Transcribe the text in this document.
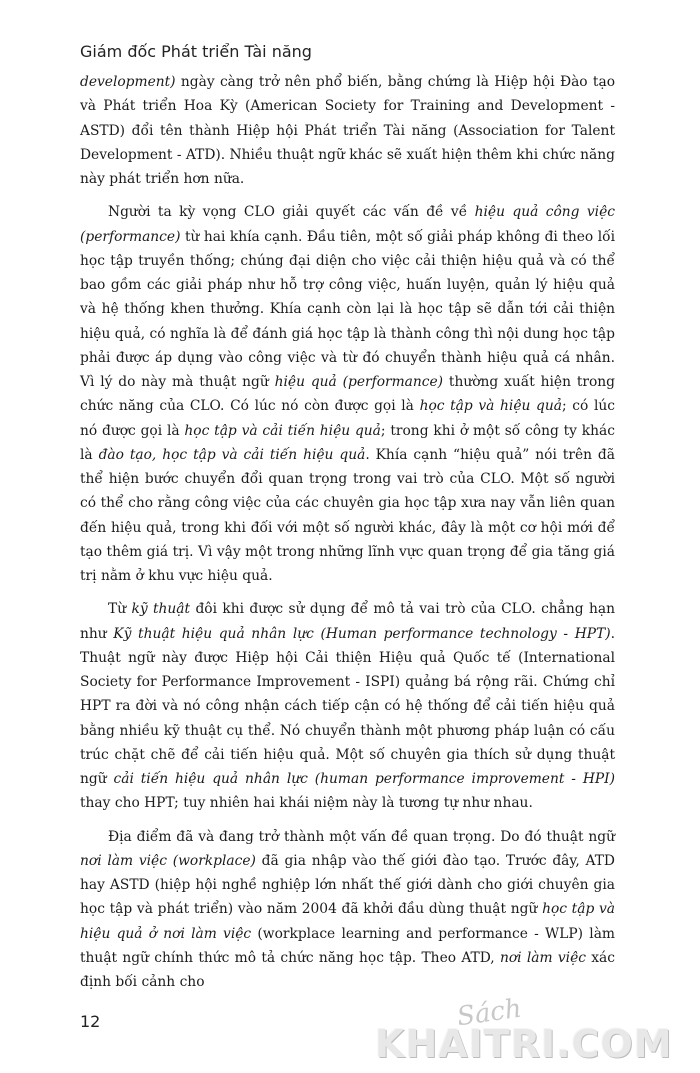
Giám đốc Phát triển Tài năng

development) ngày càng trở nên phổ biến, bằng chứng là Hiệp hội Đào tạo và Phát triển Hoa Kỳ (American Society for Training and Development - ASTD) đổi tên thành Hiệp hội Phát triển Tài năng (Association for Talent Development - ATD). Nhiều thuật ngữ khác sẽ xuất hiện thêm khi chức năng này phát triển hơn nữa.

Người ta kỳ vọng CLO giải quyết các vấn đề về hiệu quả công việc (performance) từ hai khía cạnh. Đầu tiên, một số giải pháp không đi theo lối học tập truyền thống; chúng đại diện cho việc cải thiện hiệu quả và có thể bao gồm các giải pháp như hỗ trợ công việc, huấn luyện, quản lý hiệu quả và hệ thống khen thưởng. Khía cạnh còn lại là học tập sẽ dẫn tới cải thiện hiệu quả, có nghĩa là để đánh giá học tập là thành công thì nội dung học tập phải được áp dụng vào công việc và từ đó chuyển thành hiệu quả cá nhân. Vì lý do này mà thuật ngữ hiệu quả (performance) thường xuất hiện trong chức năng của CLO. Có lúc nó còn được gọi là học tập và hiệu quả; có lúc nó được gọi là học tập và cải tiến hiệu quả; trong khi ở một số công ty khác là đào tạo, học tập và cải tiến hiệu quả. Khía cạnh “hiệu quả” nói trên đã thể hiện bước chuyển đổi quan trọng trong vai trò của CLO. Một số người có thể cho rằng công việc của các chuyên gia học tập xưa nay vẫn liên quan đến hiệu quả, trong khi đối với một số người khác, đây là một cơ hội mới để tạo thêm giá trị. Vì vậy một trong những lĩnh vực quan trọng để gia tăng giá trị nằm ở khu vực hiệu quả.

Từ kỹ thuật đôi khi được sử dụng để mô tả vai trò của CLO. chẳng hạn như Kỹ thuật hiệu quả nhân lực (Human performance technology - HPT). Thuật ngữ này được Hiệp hội Cải thiện Hiệu quả Quốc tế (International Society for Performance Improvement - ISPI) quảng bá rộng rãi. Chứng chỉ HPT ra đời và nó công nhận cách tiếp cận có hệ thống để cải tiến hiệu quả bằng nhiều kỹ thuật cụ thể. Nó chuyển thành một phương pháp luận có cấu trúc chặt chẽ để cải tiến hiệu quả. Một số chuyên gia thích sử dụng thuật ngữ cải tiến hiệu quả nhân lực (human performance improvement - HPI) thay cho HPT; tuy nhiên hai khái niệm này là tương tự như nhau.

Địa điểm đã và đang trở thành một vấn đề quan trọng. Do đó thuật ngữ nơi làm việc (workplace) đã gia nhập vào thế giới đào tạo. Trước đây, ATD hay ASTD (hiệp hội nghề nghiệp lớn nhất thế giới dành cho giới chuyên gia học tập và phát triển) vào năm 2004 đã khởi đầu dùng thuật ngữ học tập và hiệu quả ở nơi làm việc (workplace learning and performance - WLP) làm thuật ngữ chính thức mô tả chức năng học tập. Theo ATD, nơi làm việc xác định bối cảnh cho

12	Sách
KHAITRI.COM
